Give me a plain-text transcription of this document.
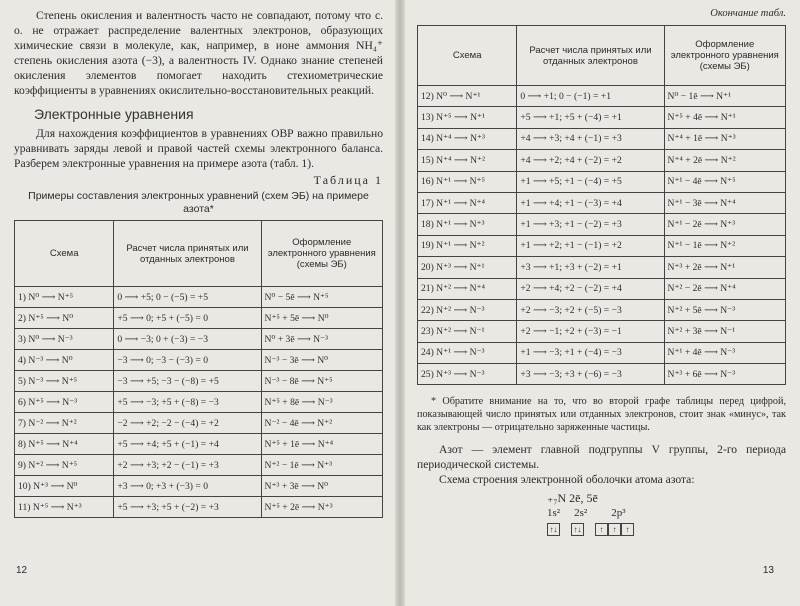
Степень окисления и валентность часто не совпадают, потому что с. о. не отражает распределение валентных электронов, образующих химические связи в молекуле, как, например, в ионе аммония NH₄⁺ степень окисления азота (−3), а валентность IV. Однако знание степеней окисления элементов помогает находить стехиометрические коэффициенты в уравнениях окислительно-восстановительных реакций.

Электронные уравнения

Для нахождения коэффициентов в уравнениях ОВР важно правильно уравнивать заряды левой и правой частей схемы электронного баланса. Разберем электронные уравнения на примере азота (табл. 1).

Таблица 1
Примеры составления электронных уравнений (схем ЭБ) на примере азота*
Схема	Расчет числа принятых или отданных электронов	Оформление электронного уравнения (схемы ЭБ)
1) N⁰ ⟶ N⁺⁵	0 ⟶ +5; 0 − (−5) = +5	N⁰ − 5ē ⟶ N⁺⁵
2) N⁺⁵ ⟶ N⁰	+5 ⟶ 0; +5 + (−5) = 0	N⁺⁵ + 5ē ⟶ N⁰
3) N⁰ ⟶ N⁻³	0 ⟶ −3; 0 + (−3) = −3	N⁰ + 3ē ⟶ N⁻³
4) N⁻³ ⟶ N⁰	−3 ⟶ 0; −3 − (−3) = 0	N⁻³ − 3ē ⟶ N⁰
5) N⁻³ ⟶ N⁺⁵	−3 ⟶ +5; −3 − (−8) = +5	N⁻³ − 8ē ⟶ N⁺⁵
6) N⁺⁵ ⟶ N⁻³	+5 ⟶ −3; +5 + (−8) = −3	N⁺⁵ + 8ē ⟶ N⁻³
7) N⁻² ⟶ N⁺²	−2 ⟶ +2; −2 − (−4) = +2	N⁻² − 4ē ⟶ N⁺²
8) N⁺⁵ ⟶ N⁺⁴	+5 ⟶ +4; +5 + (−1) = +4	N⁺⁵ + 1ē ⟶ N⁺⁴
9) N⁺² ⟶ N⁺⁵	+2 ⟶ +3; +2 − (−1) = +3	N⁺² − 1ē ⟶ N⁺³
10) N⁺³ ⟶ N⁰	+3 ⟶ 0; +3 + (−3) = 0	N⁺³ + 3ē ⟶ N⁰
11) N⁺⁵ ⟶ N⁺³	+5 ⟶ +3; +5 + (−2) = +3	N⁺⁵ + 2ē ⟶ N⁺³
12
Окончание табл.
Схема	Расчет числа принятых или отданных электронов	Оформление электронного уравнения (схемы ЭБ)
12) N⁰ ⟶ N⁺¹	0 ⟶ +1; 0 − (−1) = +1	N⁰ − 1ē ⟶ N⁺¹
13) N⁺⁵ ⟶ N⁺¹	+5 ⟶ +1; +5 + (−4) = +1	N⁺⁵ + 4ē ⟶ N⁺¹
14) N⁺⁴ ⟶ N⁺³	+4 ⟶ +3; +4 + (−1) = +3	N⁺⁴ + 1ē ⟶ N⁺³
15) N⁺⁴ ⟶ N⁺²	+4 ⟶ +2; +4 + (−2) = +2	N⁺⁴ + 2ē ⟶ N⁺²
16) N⁺¹ ⟶ N⁺⁵	+1 ⟶ +5; +1 − (−4) = +5	N⁺¹ − 4ē ⟶ N⁺⁵
17) N⁺¹ ⟶ N⁺⁴	+1 ⟶ +4; +1 − (−3) = +4	N⁺¹ − 3ē ⟶ N⁺⁴
18) N⁺¹ ⟶ N⁺³	+1 ⟶ +3; +1 − (−2) = +3	N⁺¹ − 2ē ⟶ N⁺³
19) N⁺¹ ⟶ N⁺²	+1 ⟶ +2; +1 − (−1) = +2	N⁺¹ − 1ē ⟶ N⁺²
20) N⁺³ ⟶ N⁺¹	+3 ⟶ +1; +3 + (−2) = +1	N⁺³ + 2ē ⟶ N⁺¹
21) N⁺² ⟶ N⁺⁴	+2 ⟶ +4; +2 − (−2) = +4	N⁺² − 2ē ⟶ N⁺⁴
22) N⁺² ⟶ N⁻³	+2 ⟶ −3; +2 + (−5) = −3	N⁺² + 5ē ⟶ N⁻³
23) N⁺² ⟶ N⁻¹	+2 ⟶ −1; +2 + (−3) = −1	N⁺² + 3ē ⟶ N⁻¹
24) N⁺¹ ⟶ N⁻³	+1 ⟶ −3; +1 + (−4) = −3	N⁺¹ + 4ē ⟶ N⁻³
25) N⁺³ ⟶ N⁻³	+3 ⟶ −3; +3 + (−6) = −3	N⁺³ + 6ē ⟶ N⁻³

* Обратите внимание на то, что во второй графе таблицы перед цифрой, показывающей число принятых или отданных электронов, стоит знак «минус», так как электроны — отрицательно заряженные частицы.

Азот — элемент главной подгруппы V группы, 2-го периода периодической системы.

Схема строения электронной оболочки атома азота:

₊₇N 2ē, 5ē
1s² 2s² 2p³
↑↓	↑↓	↑	↑	↑
13
